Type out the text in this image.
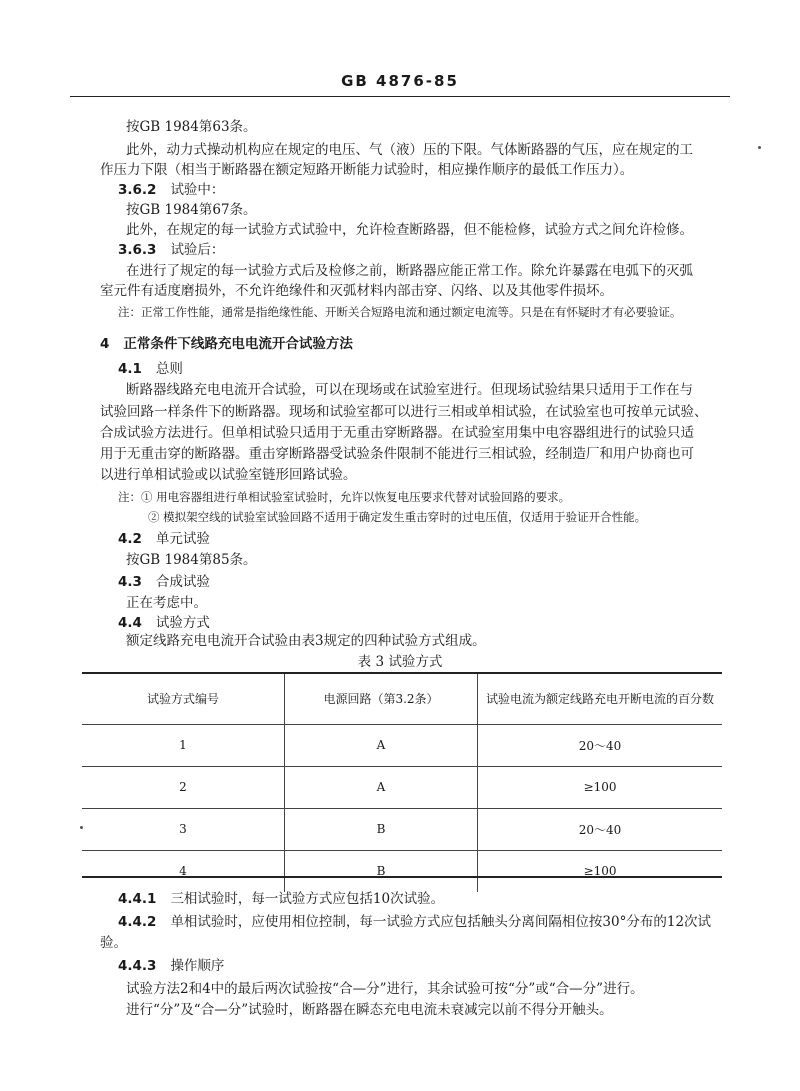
GB 4876-85
按GB 1984第63条。
此外，动力式操动机构应在规定的电压、气（液）压的下限。气体断路器的气压，应在规定的工
作压力下限（相当于断路器在额定短路开断能力试验时，相应操作顺序的最低工作压力）。
3.6.2 试验中：
按GB 1984第67条。
此外，在规定的每一试验方式试验中，允许检查断路器，但不能检修，试验方式之间允许检修。
3.6.3 试验后：
在进行了规定的每一试验方式后及检修之前，断路器应能正常工作。除允许暴露在电弧下的灭弧
室元件有适度磨损外，不允许绝缘件和灭弧材料内部击穿、闪络、以及其他零件损坏。
注：正常工作性能，通常是指绝缘性能、开断关合短路电流和通过额定电流等。只是在有怀疑时才有必要验证。
4 正常条件下线路充电电流开合试验方法
4.1 总则
断路器线路充电电流开合试验，可以在现场或在试验室进行。但现场试验结果只适用于工作在与
试验回路一样条件下的断路器。现场和试验室都可以进行三相或单相试验，在试验室也可按单元试验、
合成试验方法进行。但单相试验只适用于无重击穿断路器。在试验室用集中电容器组进行的试验只适
用于无重击穿的断路器。重击穿断路器受试验条件限制不能进行三相试验，经制造厂和用户协商也可
以进行单相试验或以试验室链形回路试验。
注：① 用电容器组进行单相试验室试验时，允许以恢复电压要求代替对试验回路的要求。
② 模拟架空线的试验室试验回路不适用于确定发生重击穿时的过电压值，仅适用于验证开合性能。
4.2 单元试验
按GB 1984第85条。
4.3 合成试验
正在考虑中。
4.4 试验方式
额定线路充电电流开合试验由表3规定的四种试验方式组成。
表 3 试验方式
试验方式编号	电源回路（第3.2条）	试验电流为额定线路充电开断电流的百分数
1	A	20～40
2	A	≥100
3	B	20～40
4	B	≥100
4.4.1 三相试验时，每一试验方式应包括10次试验。
4.4.2 单相试验时，应使用相位控制，每一试验方式应包括触头分离间隔相位按30°分布的12次试
验。
4.4.3 操作顺序
试验方法2和4中的最后两次试验按“合—分”进行，其余试验可按“分”或“合—分”进行。
进行“分”及“合—分”试验时，断路器在瞬态充电电流未衰减完以前不得分开触头。
